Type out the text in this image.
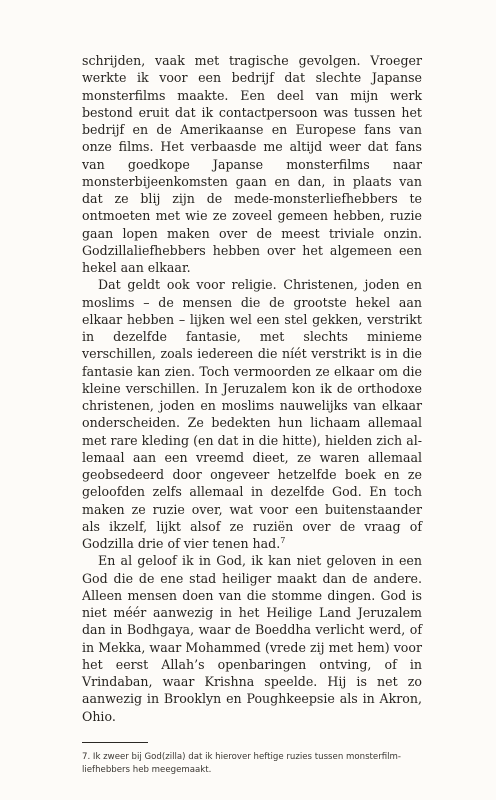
schrijden, vaak met tragische gevolgen. Vroeger werkte ik voor een bedrijf dat slechte Japanse monsterfilms maakte. Een deel van mijn werk bestond eruit dat ik contactpersoon was tussen het bedrijf en de Amerikaanse en Europese fans van onze films. Het verbaasde me altijd weer dat fans van goedkope Japanse monsterfilms naar monsterbijeenkomsten gaan en dan, in plaats van dat ze blij zijn de mede-monsterliefhebbers te ontmoeten met wie ze zoveel gemeen hebben, ruzie gaan lopen maken over de meest triviale onzin. Godzillaliefhebbers hebben over het algemeen een hekel aan elkaar.

Dat geldt ook voor religie. Christenen, joden en moslims – de mensen die de grootste hekel aan elkaar hebben – lijken wel een stel gekken, verstrikt in dezelfde fantasie, met slechts minieme verschillen, zoals iedereen die níét verstrikt is in die fantasie kan zien. Toch vermoorden ze elkaar om die kleine verschillen. In Jeruzalem kon ik de orthodoxe christenen, joden en moslims nauwelijks van elkaar onderscheiden. Ze bedekten hun lichaam allemaal met rare kleding (en dat in die hitte), hielden zich allemaal aan een vreemd dieet, ze waren allemaal geobsedeerd door ongeveer hetzelfde boek en ze geloofden zelfs allemaal in dezelfde God. En toch maken ze ruzie over, wat voor een buitenstaander als ikzelf, lijkt alsof ze ruziën over de vraag of Godzilla drie of vier tenen had.$^7$

En al geloof ik in God, ik kan niet geloven in een God die de ene stad heiliger maakt dan de andere. Alleen mensen doen van die stomme dingen. God is niet méér aanwezig in het Heilige Land Jeruzalem dan in Bodhgaya, waar de Boeddha verlicht werd, of in Mekka, waar Mohammed (vrede zij met hem) voor het eerst Allah’s openbaringen ontving, of in Vrindaban, waar Krishna speelde. Hij is net zo aanwezig in Brooklyn en Poughkeepsie als in Akron, Ohio.

7. Ik zweer bij God(zilla) dat ik hierover heftige ruzies tussen monsterfilm-liefhebbers heb meegemaakt.
